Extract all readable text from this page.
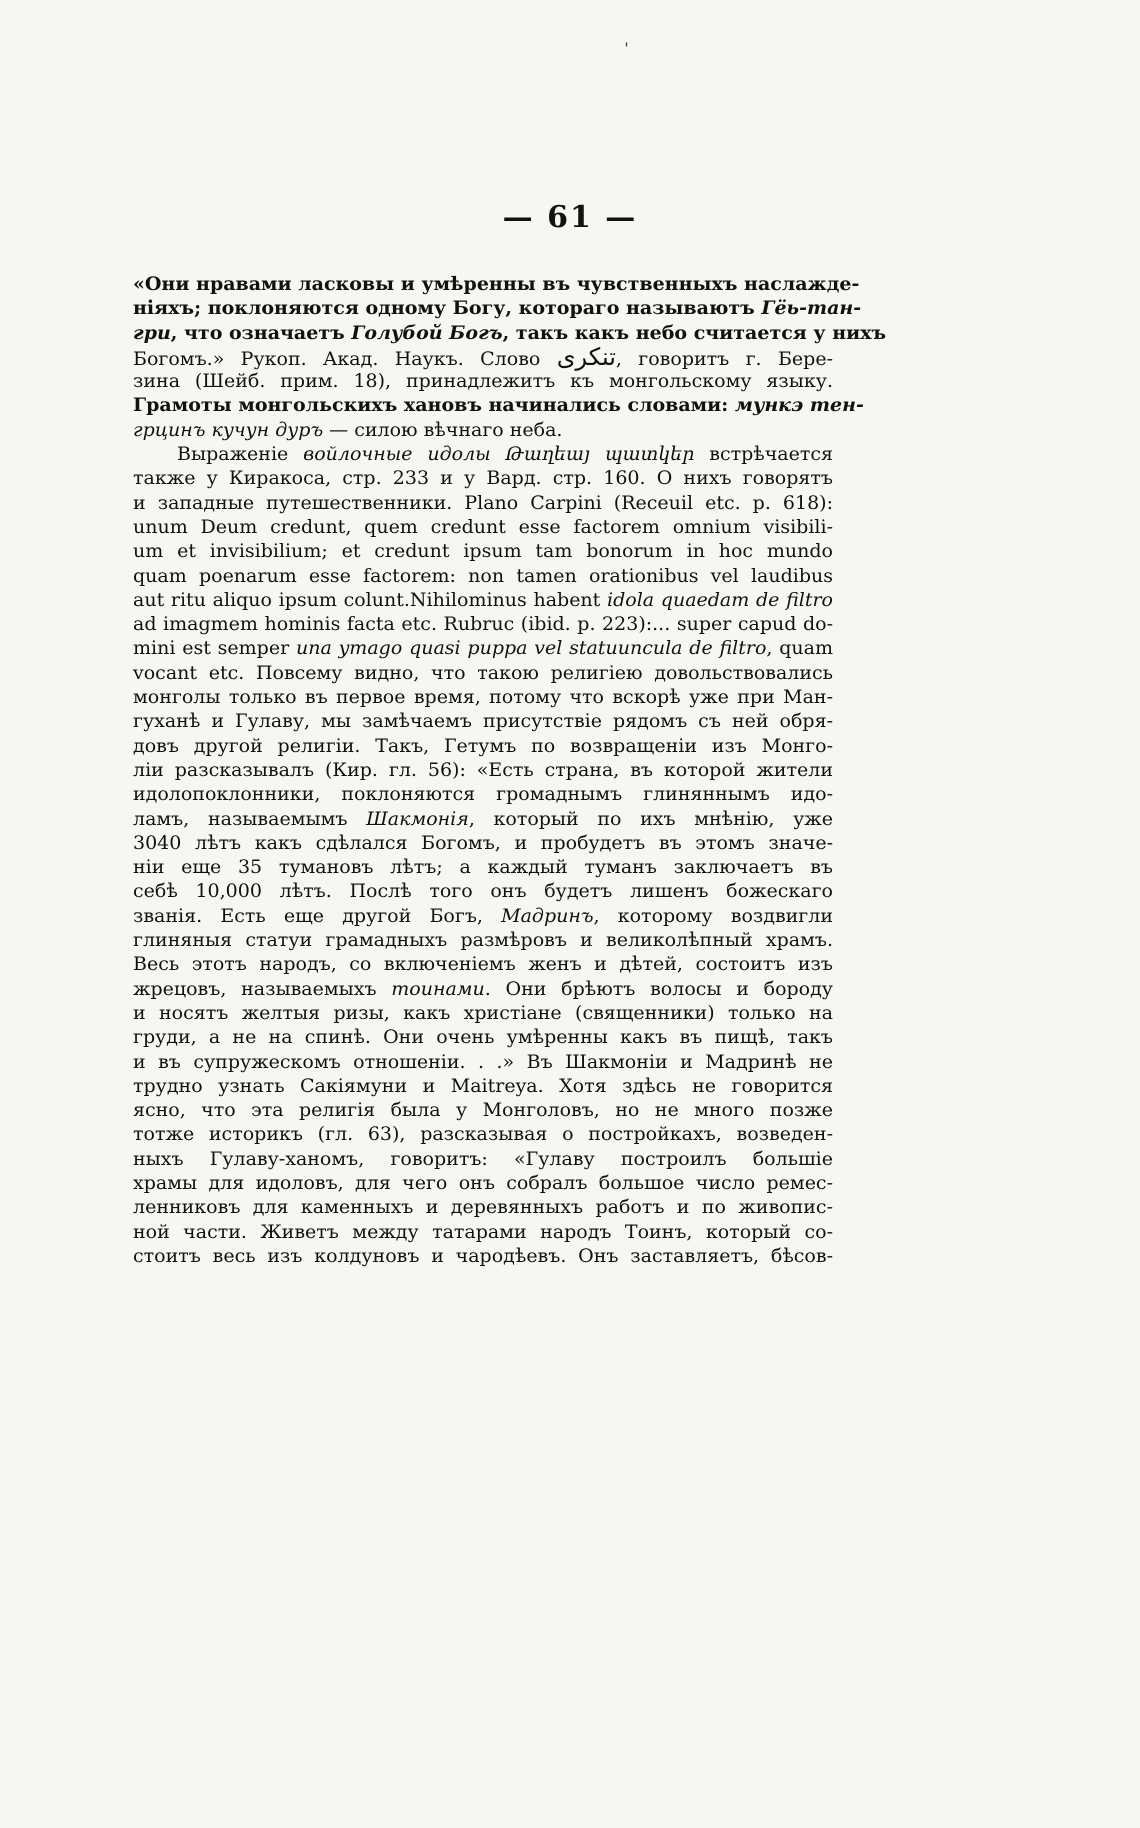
— 61 —
«Они нравами ласковы и умѣренны въ чувственныхъ наслажде-
ніяхъ; поклоняются одному Богу, котораго называютъ Гёь-тан-
гри, что означаетъ Голубой Богъ, такъ какъ небо считается у нихъ
Богомъ.» Рукоп. Акад. Наукъ. Слово تنكرى, говоритъ г. Бере-
зина (Шейб. прим. 18), принадлежитъ къ монгольскому языку.
Грамоты монгольскихъ хановъ начинались словами: мункэ тен-
грцинъ кучун дуръ — силою вѣчнаго неба.
Выраженіе войлочные идолы Թաղեայ պատկեր встрѣчается
также у Киракоса, стр. 233 и у Вард. стр. 160. О нихъ говорятъ
и западные путешественники. Plano Carpini (Receuil etc. p. 618):
unum Deum credunt, quem credunt esse factorem omnium visibili-
um et invisibilium; et credunt ipsum tam bonorum in hoc mundo
quam poenarum esse factorem: non tamen orationibus vel laudibus
aut ritu aliquo ipsum colunt.Nihilominus habent idola quaedam de filtro
ad imagmem hominis facta etc. Rubruc (ibid. p. 223):... super capud do-
mini est semper una ymago quasi puppa vel statuuncula de filtro, quam
vocant etc. Повсему видно, что такою религіею довольствовались
монголы только въ первое время, потому что вскорѣ уже при Ман-
гуханѣ и Гулаву, мы замѣчаемъ присутствіе рядомъ съ ней обря-
довъ другой религіи. Такъ, Гетумъ по возвращеніи изъ Монго-
ліи разсказывалъ (Кир. гл. 56): «Есть страна, въ которой жители
идолопоклонники, поклоняются громаднымъ глиняннымъ идо-
ламъ, называемымъ Шакмонія, который по ихъ мнѣнію, уже
3040 лѣтъ какъ сдѣлался Богомъ, и пробудетъ въ этомъ значе-
ніи еще 35 тумановъ лѣтъ; а каждый туманъ заключаетъ въ
себѣ 10,000 лѣтъ. Послѣ того онъ будетъ лишенъ божескаго
званія. Есть еще другой Богъ, Мадринъ, которому воздвигли
глиняныя статуи грамадныхъ размѣровъ и великолѣпный храмъ.
Весь этотъ народъ, со включеніемъ женъ и дѣтей, состоитъ изъ
жрецовъ, называемыхъ тоинами. Они брѣютъ волосы и бороду
и носятъ желтыя ризы, какъ христіане (священники) только на
груди, а не на спинѣ. Они очень умѣренны какъ въ пищѣ, такъ
и въ супружескомъ отношеніи. . .» Въ Шакмоніи и Мадринѣ не
трудно узнать Сакіямуни и Maitreya. Хотя здѣсь не говорится
ясно, что эта религія была у Монголовъ, но не много позже
тотже историкъ (гл. 63), разсказывая о постройкахъ, возведен-
ныхъ Гулаву-ханомъ, говоритъ: «Гулаву построилъ большіе
храмы для идоловъ, для чего онъ собралъ большое число ремес-
ленниковъ для каменныхъ и деревянныхъ работъ и по живопис-
ной части. Живетъ между татарами народъ Тоинъ, который со-
стоитъ весь изъ колдуновъ и чародѣевъ. Онъ заставляетъ, бѣсов-
ˈ
